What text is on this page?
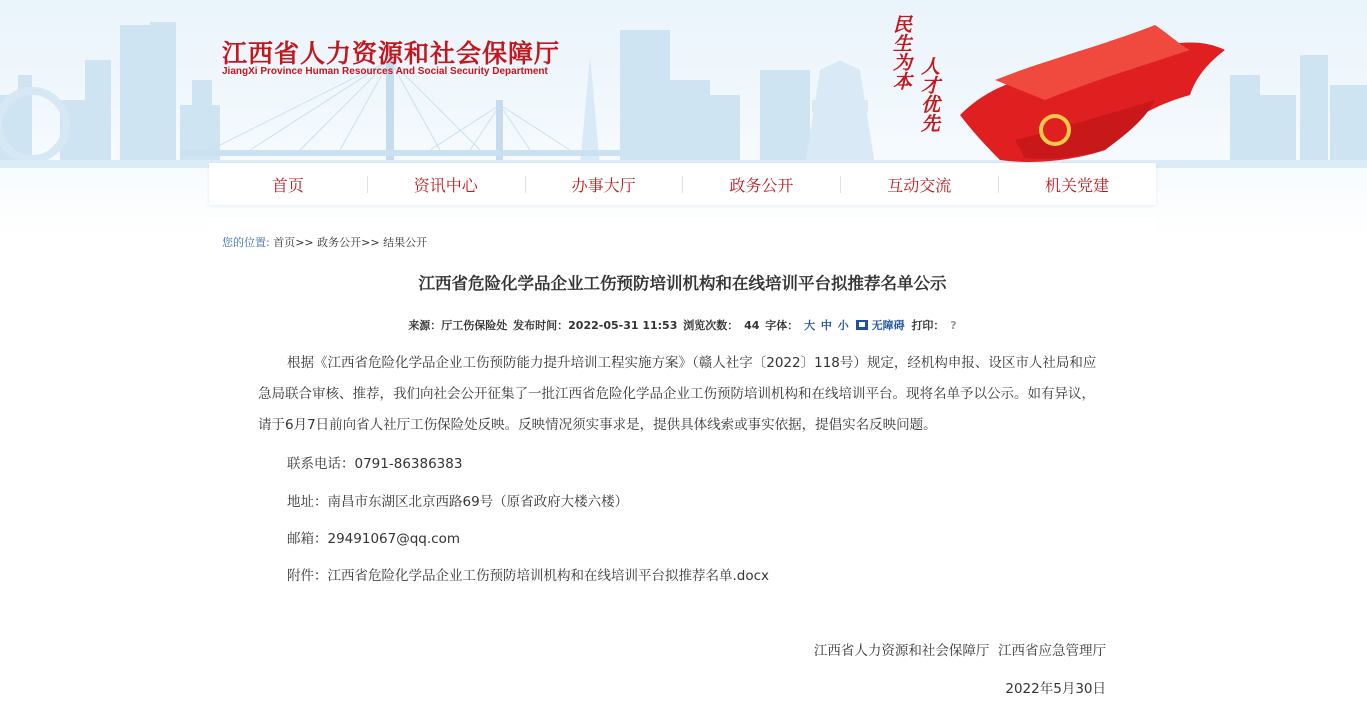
江西省人力资源和社会保障厅
JiangXi Province Human Resources And Social Security Department
民生为本
人才优先
首页	资讯中心	办事大厅	政务公开	互动交流	机关党建
您的位置: 首页>> 政务公开>> 结果公开
江西省危险化学品企业工伤预防培训机构和在线培训平台拟推荐名单公示
来源：厅工伤保险处 发布时间：2022-05-31 11:53 浏览次数： 44 字体： 大 中 小 无障碍 打印： ?
根据《江西省危险化学品企业工伤预防能力提升培训工程实施方案》（赣人社字〔2022〕118号）规定，经机构申报、设区市人社局和应急局联合审核、推荐，我们向社会公开征集了一批江西省危险化学品企业工伤预防培训机构和在线培训平台。现将名单予以公示。如有异议，请于6月7日前向省人社厅工伤保险处反映。反映情况须实事求是，提供具体线索或事实依据，提倡实名反映问题。
联系电话：0791-86386383
地址：南昌市东湖区北京西路69号（原省政府大楼六楼）
邮箱：29491067@qq.com
附件：江西省危险化学品企业工伤预防培训机构和在线培训平台拟推荐名单.docx
江西省人力资源和社会保障厅  江西省应急管理厅
2022年5月30日
